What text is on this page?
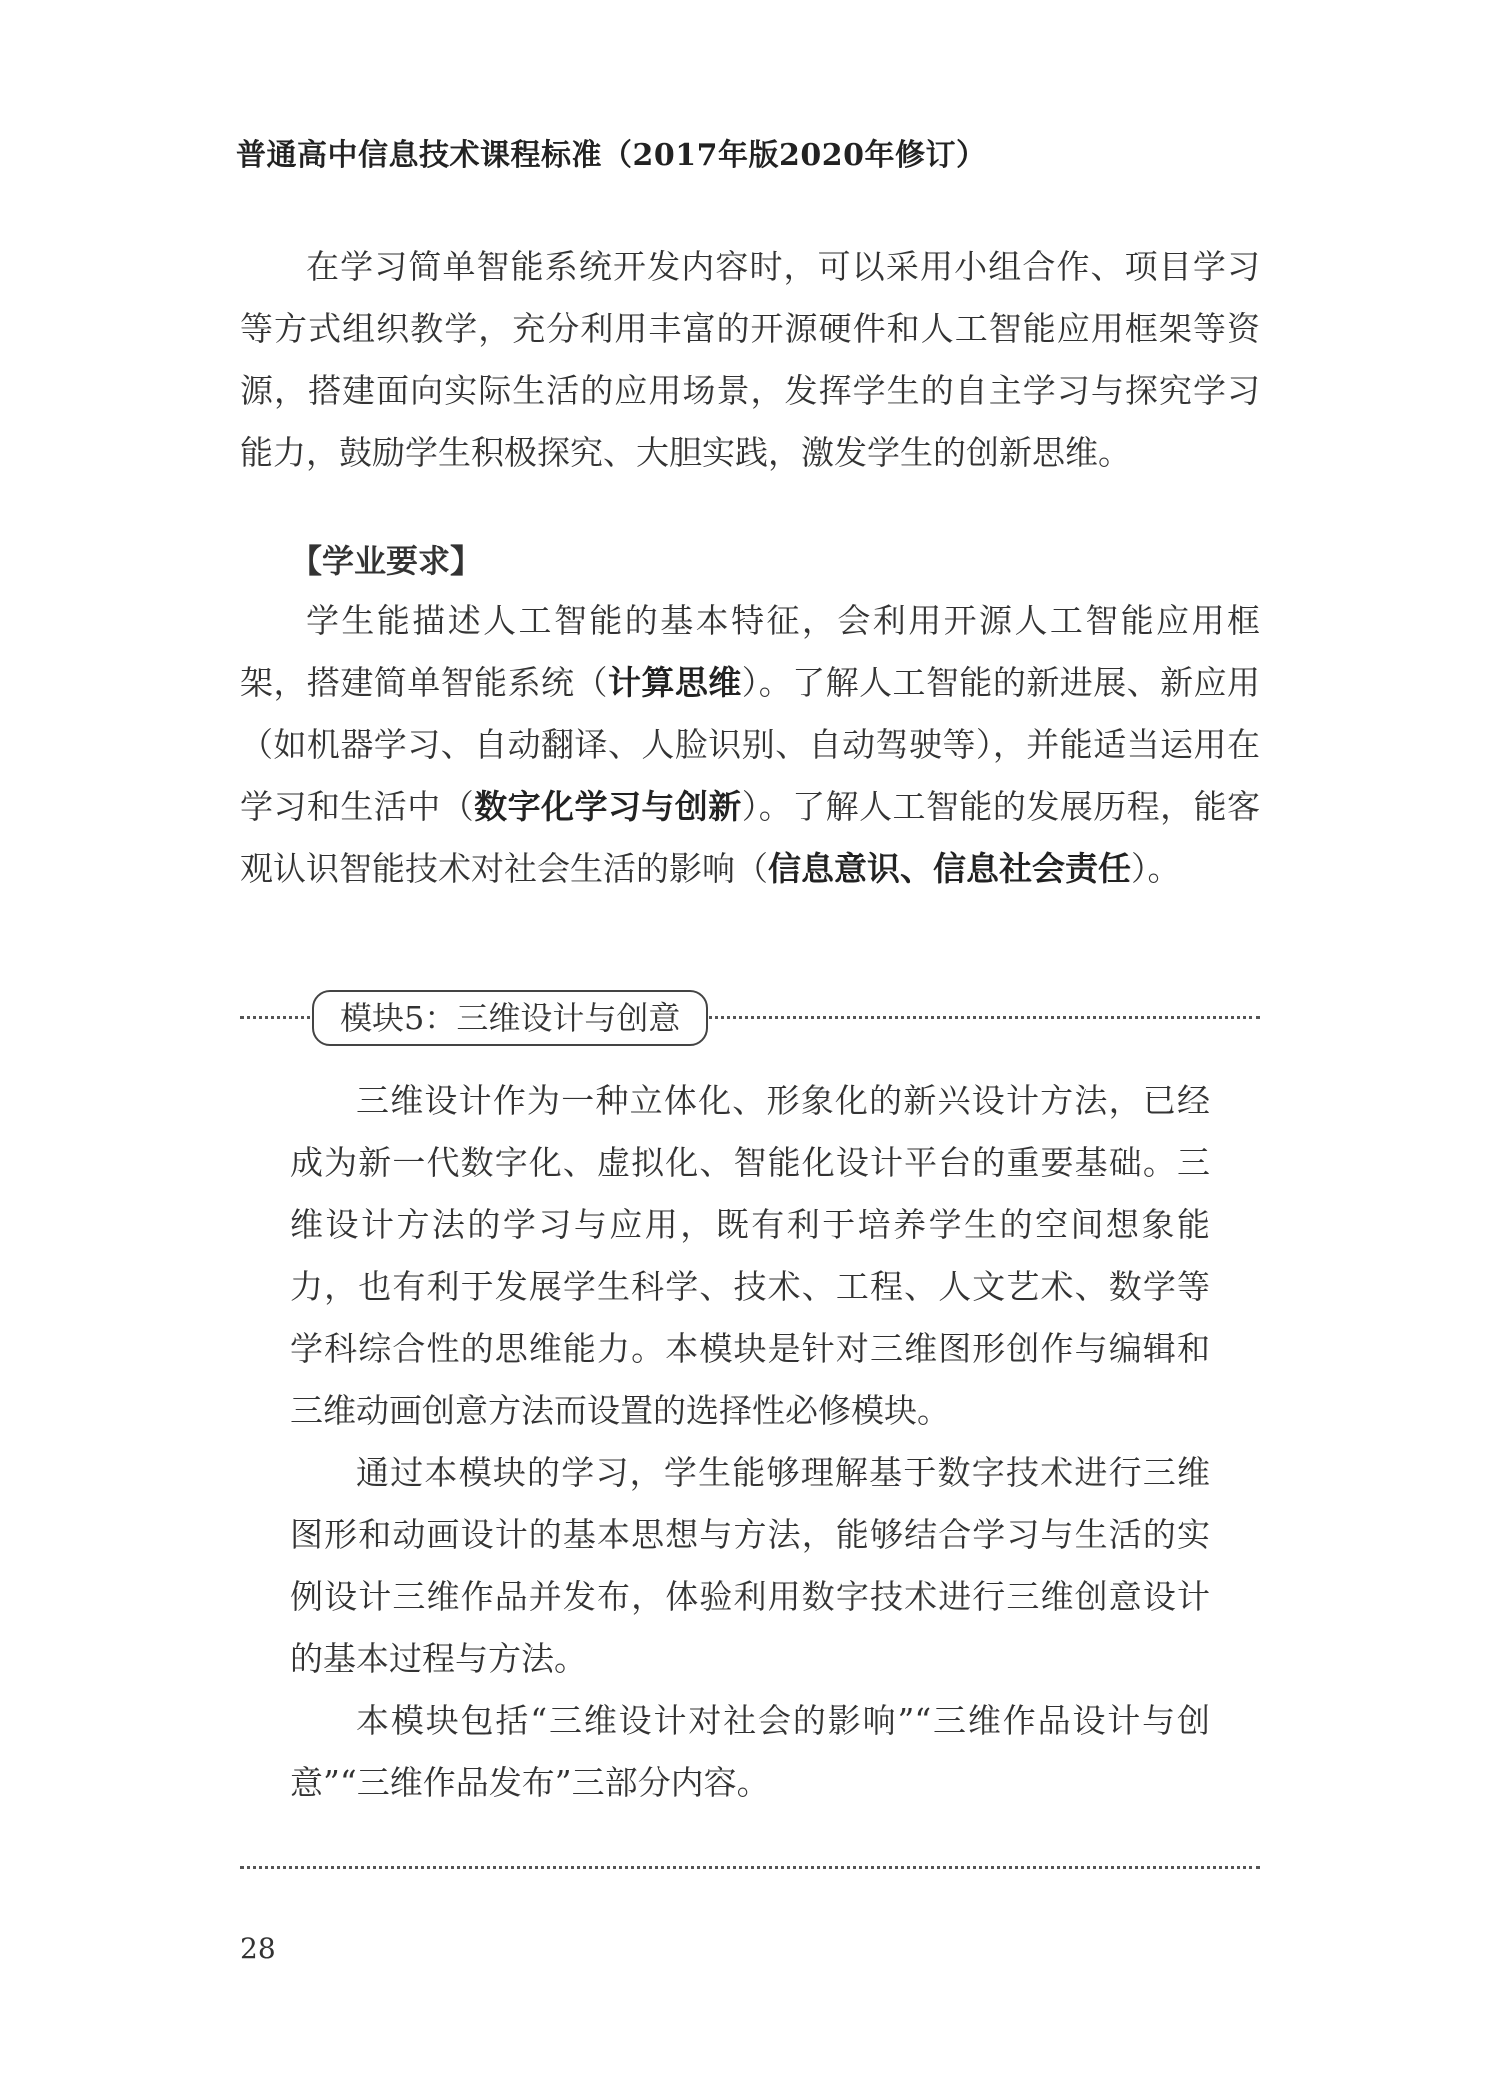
普通高中信息技术课程标准（2017年版2020年修订）

在学习简单智能系统开发内容时，可以采用小组合作、项目学习等方式组织教学，充分利用丰富的开源硬件和人工智能应用框架等资源，搭建面向实际生活的应用场景，发挥学生的自主学习与探究学习能力，鼓励学生积极探究、大胆实践，激发学生的创新思维。

【学业要求】

学生能描述人工智能的基本特征，会利用开源人工智能应用框架，搭建简单智能系统（计算思维）。了解人工智能的新进展、新应用（如机器学习、自动翻译、人脸识别、自动驾驶等），并能适当运用在学习和生活中（数字化学习与创新）。了解人工智能的发展历程，能客观认识智能技术对社会生活的影响（信息意识、信息社会责任）。

模块5：三维设计与创意

三维设计作为一种立体化、形象化的新兴设计方法，已经成为新一代数字化、虚拟化、智能化设计平台的重要基础。三维设计方法的学习与应用，既有利于培养学生的空间想象能力，也有利于发展学生科学、技术、工程、人文艺术、数学等学科综合性的思维能力。本模块是针对三维图形创作与编辑和三维动画创意方法而设置的选择性必修模块。

通过本模块的学习，学生能够理解基于数字技术进行三维图形和动画设计的基本思想与方法，能够结合学习与生活的实例设计三维作品并发布，体验利用数字技术进行三维创意设计的基本过程与方法。

本模块包括“三维设计对社会的影响”“三维作品设计与创意”“三维作品发布”三部分内容。

28
